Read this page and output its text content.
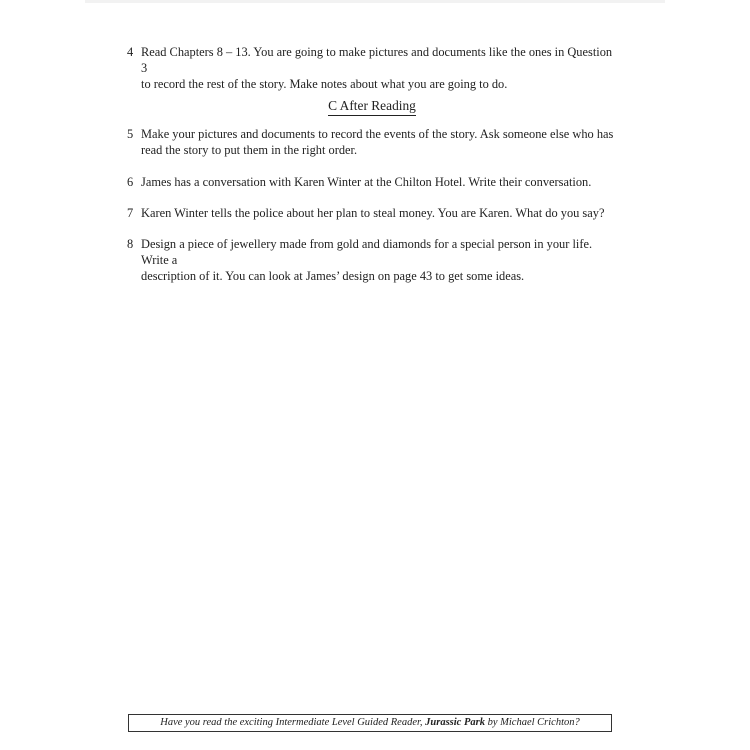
4 Read Chapters 8 – 13. You are going to make pictures and documents like the ones in Question 3
to record the rest of the story. Make notes about what you are going to do.
C After Reading
5 Make your pictures and documents to record the events of the story. Ask someone else who has
read the story to put them in the right order.
6 James has a conversation with Karen Winter at the Chilton Hotel. Write their conversation.
7 Karen Winter tells the police about her plan to steal money. You are Karen. What do you say?
8 Design a piece of jewellery made from gold and diamonds for a special person in your life. Write a
description of it. You can look at James’ design on page 43 to get some ideas.
Have you read the exciting Intermediate Level Guided Reader, Jurassic Park by Michael Crichton?
